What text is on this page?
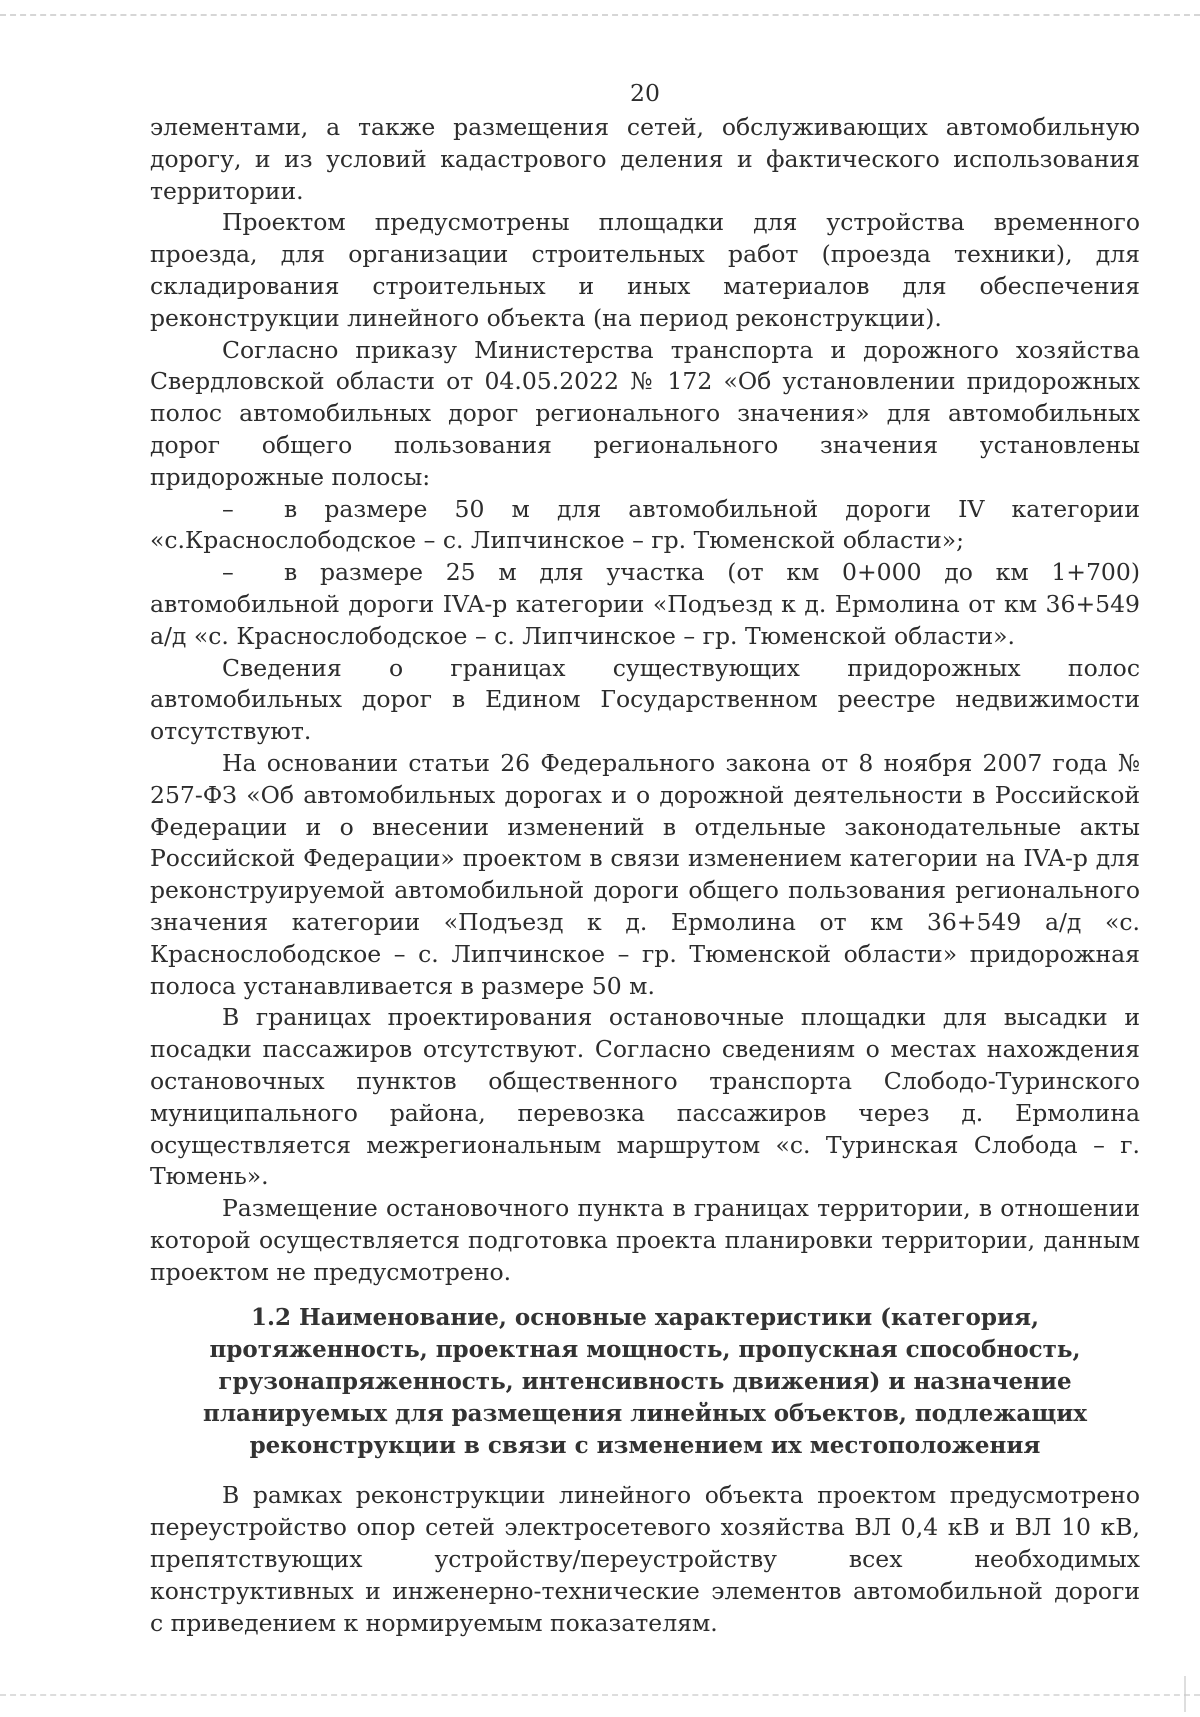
20

элементами, а также размещения сетей, обслуживающих автомобильную дорогу, и из условий кадастрового деления и фактического использования территории.

Проектом предусмотрены площадки для устройства временного проезда, для организации строительных работ (проезда техники), для складирования строительных и иных материалов для обеспечения реконструкции линейного объекта (на период реконструкции).

Согласно приказу Министерства транспорта и дорожного хозяйства Свердловской области от 04.05.2022 № 172 «Об установлении придорожных полос автомобильных дорог регионального значения» для автомобильных дорог общего пользования регионального значения установлены придорожные полосы:

– в размере 50 м для автомобильной дороги IV категории «с.Краснослободское – с. Липчинское – гр. Тюменской области»;

– в размере 25 м для участка (от км 0+000 до км 1+700) автомобильной дороги IVA-р категории «Подъезд к д. Ермолина от км 36+549 а/д «с. Краснослободское – с. Липчинское – гр. Тюменской области».

Сведения о границах существующих придорожных полос автомобильных дорог в Едином Государственном реестре недвижимости отсутствуют.

На основании статьи 26 Федерального закона от 8 ноября 2007 года № 257-ФЗ «Об автомобильных дорогах и о дорожной деятельности в Российской Федерации и о внесении изменений в отдельные законодательные акты Российской Федерации» проектом в связи изменением категории на IVA-р для реконструируемой автомобильной дороги общего пользования регионального значения категории «Подъезд к д. Ермолина от км 36+549 а/д «с. Краснослободское – с. Липчинское – гр. Тюменской области» придорожная полоса устанавливается в размере 50 м.

В границах проектирования остановочные площадки для высадки и посадки пассажиров отсутствуют. Согласно сведениям о местах нахождения остановочных пунктов общественного транспорта Слободо-Туринского муниципального района, перевозка пассажиров через д. Ермолина осуществляется межрегиональным маршрутом «с. Туринская Слобода – г. Тюмень».

Размещение остановочного пункта в границах территории, в отношении которой осуществляется подготовка проекта планировки территории, данным проектом не предусмотрено.

1.2 Наименование, основные характеристики (категория, протяженность, проектная мощность, пропускная способность, грузонапряженность, интенсивность движения) и назначение планируемых для размещения линейных объектов, подлежащих реконструкции в связи с изменением их местоположения

В рамках реконструкции линейного объекта проектом предусмотрено переустройство опор сетей электросетевого хозяйства ВЛ 0,4 кВ и ВЛ 10 кВ, препятствующих устройству/переустройству всех необходимых конструктивных и инженерно-технические элементов автомобильной дороги с приведением к нормируемым показателям.
